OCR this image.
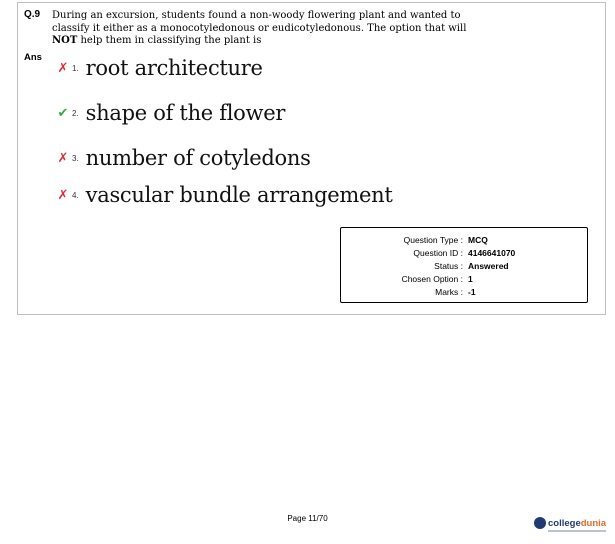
Q.9 During an excursion, students found a non-woody flowering plant and wanted to
classify it either as a monocotyledonous or eudicotyledonous. The option that will
NOT help them in classifying the plant is
Ans
✗ 1. root architecture
✔ 2. shape of the flower
✗ 3. number of cotyledons
✗ 4. vascular bundle arrangement
Question Type : MCQ
Question ID : 4146641070
Status : Answered
Chosen Option : 1
Marks : -1
Page 11/70	collegedunia
